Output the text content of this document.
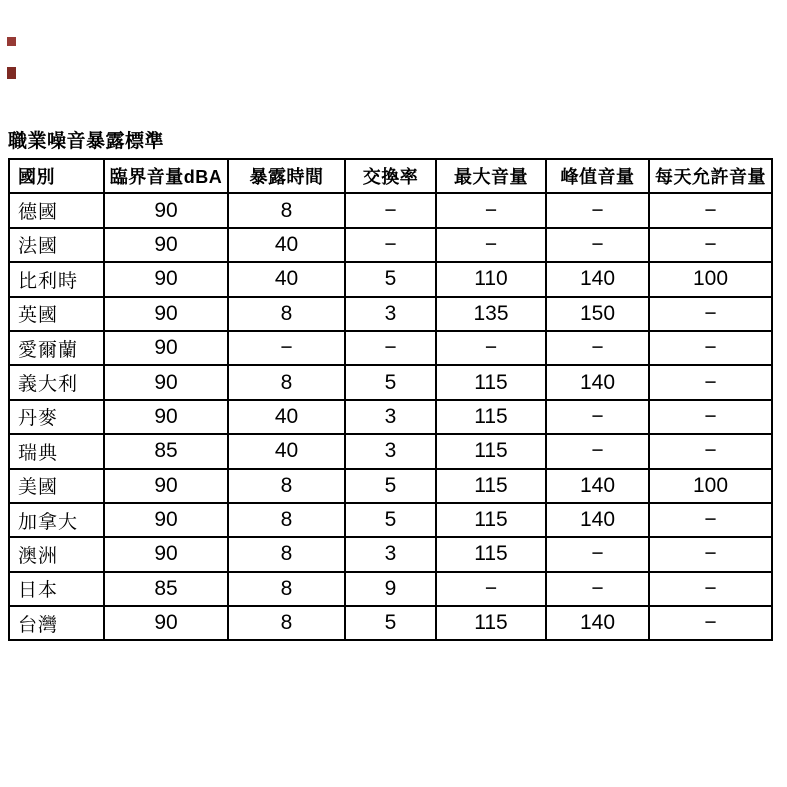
職業噪音暴露標準
國別	臨界音量dBA	暴露時間	交換率	最大音量	峰值音量	每天允許音量
德國	90	8	−	−	−	−
法國	90	40	−	−	−	−
比利時	90	40	5	110	140	100
英國	90	8	3	135	150	−
愛爾蘭	90	−	−	−	−	−
義大利	90	8	5	115	140	−
丹麥	90	40	3	115	−	−
瑞典	85	40	3	115	−	−
美國	90	8	5	115	140	100
加拿大	90	8	5	115	140	−
澳洲	90	8	3	115	−	−
日本	85	8	9	−	−	−
台灣	90	8	5	115	140	−
